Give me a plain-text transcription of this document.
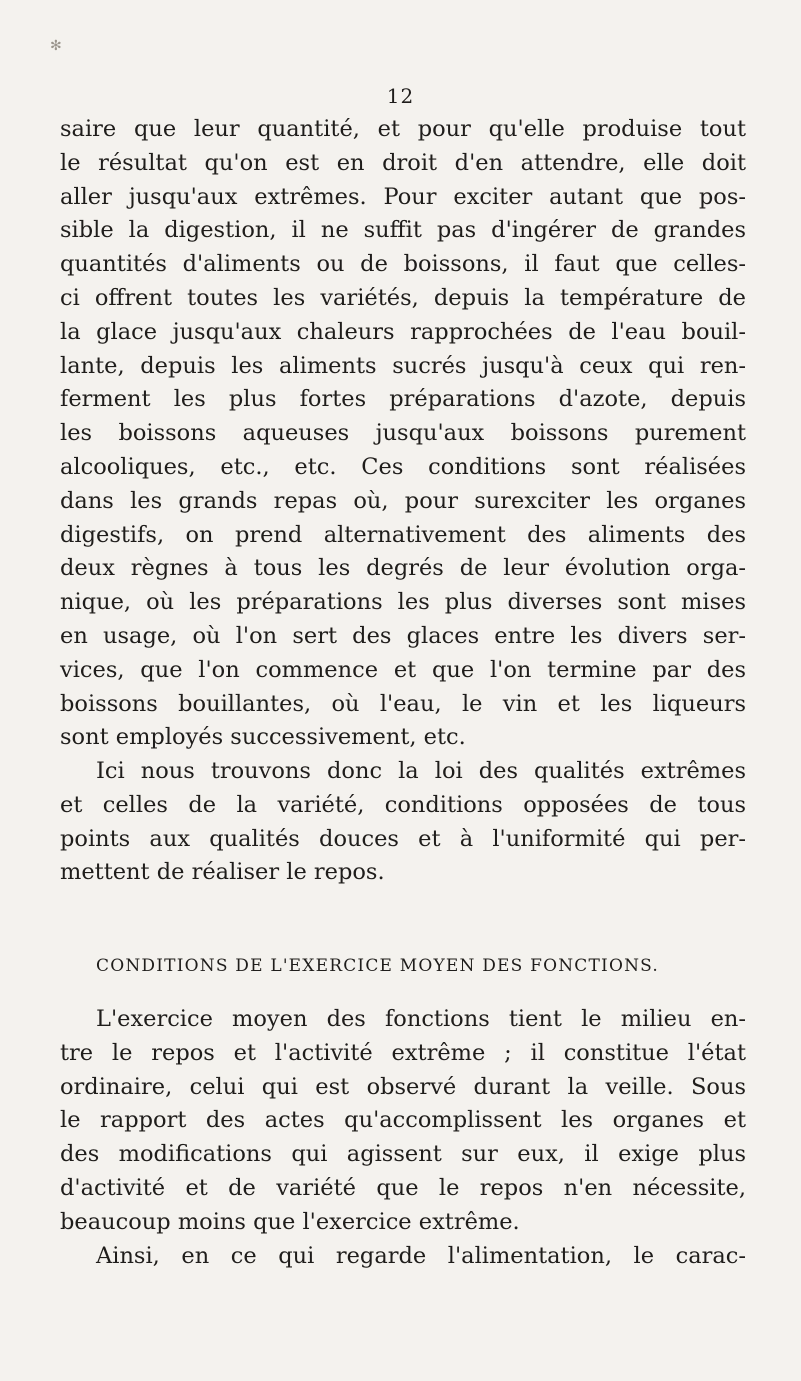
✻
12
saire que leur quantité, et pour qu'elle produise tout
le résultat qu'on est en droit d'en attendre, elle doit
aller jusqu'aux extrêmes. Pour exciter autant que pos-
sible la digestion, il ne suffit pas d'ingérer de grandes
quantités d'aliments ou de boissons, il faut que celles-
ci offrent toutes les variétés, depuis la température de
la glace jusqu'aux chaleurs rapprochées de l'eau bouil-
lante, depuis les aliments sucrés jusqu'à ceux qui ren-
ferment les plus fortes préparations d'azote, depuis
les boissons aqueuses jusqu'aux boissons purement
alcooliques, etc., etc. Ces conditions sont réalisées
dans les grands repas où, pour surexciter les organes
digestifs, on prend alternativement des aliments des
deux règnes à tous les degrés de leur évolution orga-
nique, où les préparations les plus diverses sont mises
en usage, où l'on sert des glaces entre les divers ser-
vices, que l'on commence et que l'on termine par des
boissons bouillantes, où l'eau, le vin et les liqueurs
sont employés successivement, etc.
Ici nous trouvons donc la loi des qualités extrêmes
et celles de la variété, conditions opposées de tous
points aux qualités douces et à l'uniformité qui per-
mettent de réaliser le repos.
CONDITIONS DE L'EXERCICE MOYEN DES FONCTIONS.
L'exercice moyen des fonctions tient le milieu en-
tre le repos et l'activité extrême ; il constitue l'état
ordinaire, celui qui est observé durant la veille. Sous
le rapport des actes qu'accomplissent les organes et
des modifications qui agissent sur eux, il exige plus
d'activité et de variété que le repos n'en nécessite,
beaucoup moins que l'exercice extrême.
Ainsi, en ce qui regarde l'alimentation, le carac-
